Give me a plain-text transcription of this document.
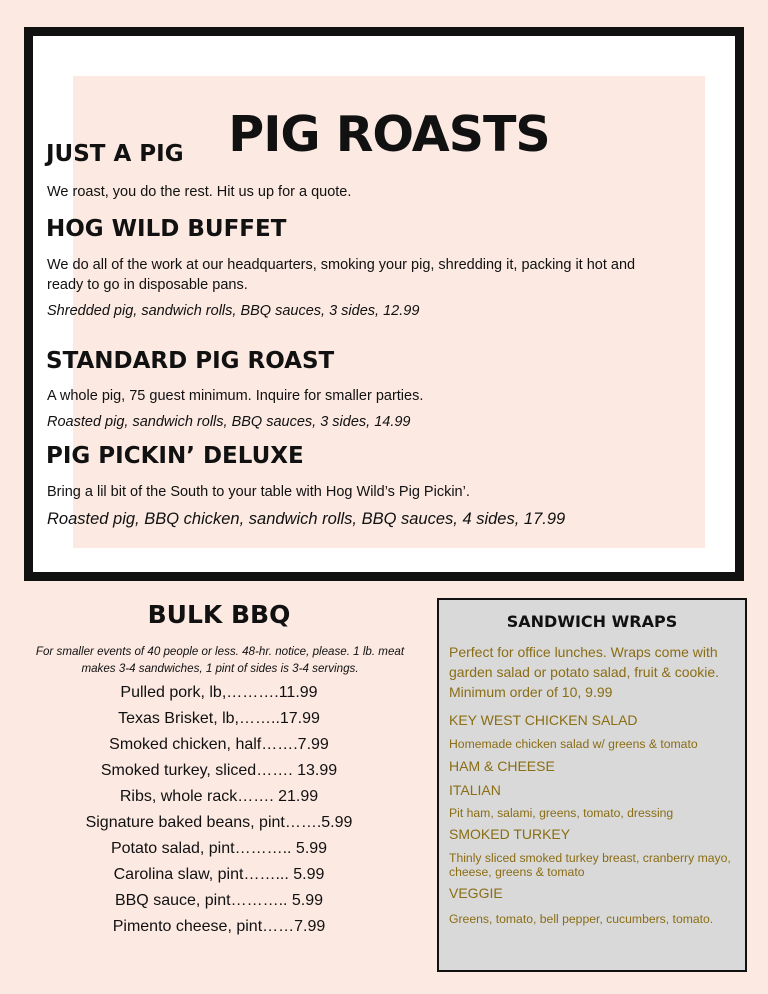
PIG ROASTS
JUST A PIG
We roast, you do the rest. Hit us up for a quote.
HOG WILD BUFFET
We do all of the work at our headquarters, smoking your pig, shredding it, packing it hot and ready to go in disposable pans.
Shredded pig, sandwich rolls, BBQ sauces, 3 sides, 12.99
STANDARD PIG ROAST
A whole pig, 75 guest minimum. Inquire for smaller parties.
Roasted pig, sandwich rolls, BBQ sauces, 3 sides, 14.99
PIG PICKIN’ DELUXE
Bring a lil bit of the South to your table with Hog Wild’s Pig Pickin’.
Roasted pig, BBQ chicken, sandwich rolls, BBQ sauces, 4 sides, 17.99
BULK BBQ
For smaller events of 40 people or less. 48-hr. notice, please. 1 lb. meat makes 3-4 sandwiches, 1 pint of sides is 3-4 servings.
Pulled pork, lb,……….11.99
Texas Brisket, lb,……..17.99
Smoked chicken, half…….7.99
Smoked turkey, sliced……. 13.99
Ribs, whole rack……. 21.99
Signature baked beans, pint…….5.99
Potato salad, pint……….. 5.99
Carolina slaw, pint……... 5.99
BBQ sauce, pint……….. 5.99
Pimento cheese, pint……7.99
SANDWICH WRAPS
Perfect for office lunches. Wraps come with garden salad or potato salad, fruit & cookie. Minimum order of 10, 9.99
KEY WEST CHICKEN SALAD
Homemade chicken salad w/ greens & tomato
HAM & CHEESE
ITALIAN
Pit ham, salami, greens, tomato, dressing
SMOKED TURKEY
Thinly sliced smoked turkey breast, cranberry mayo, cheese, greens & tomato
VEGGIE
Greens, tomato, bell pepper, cucumbers, tomato.
